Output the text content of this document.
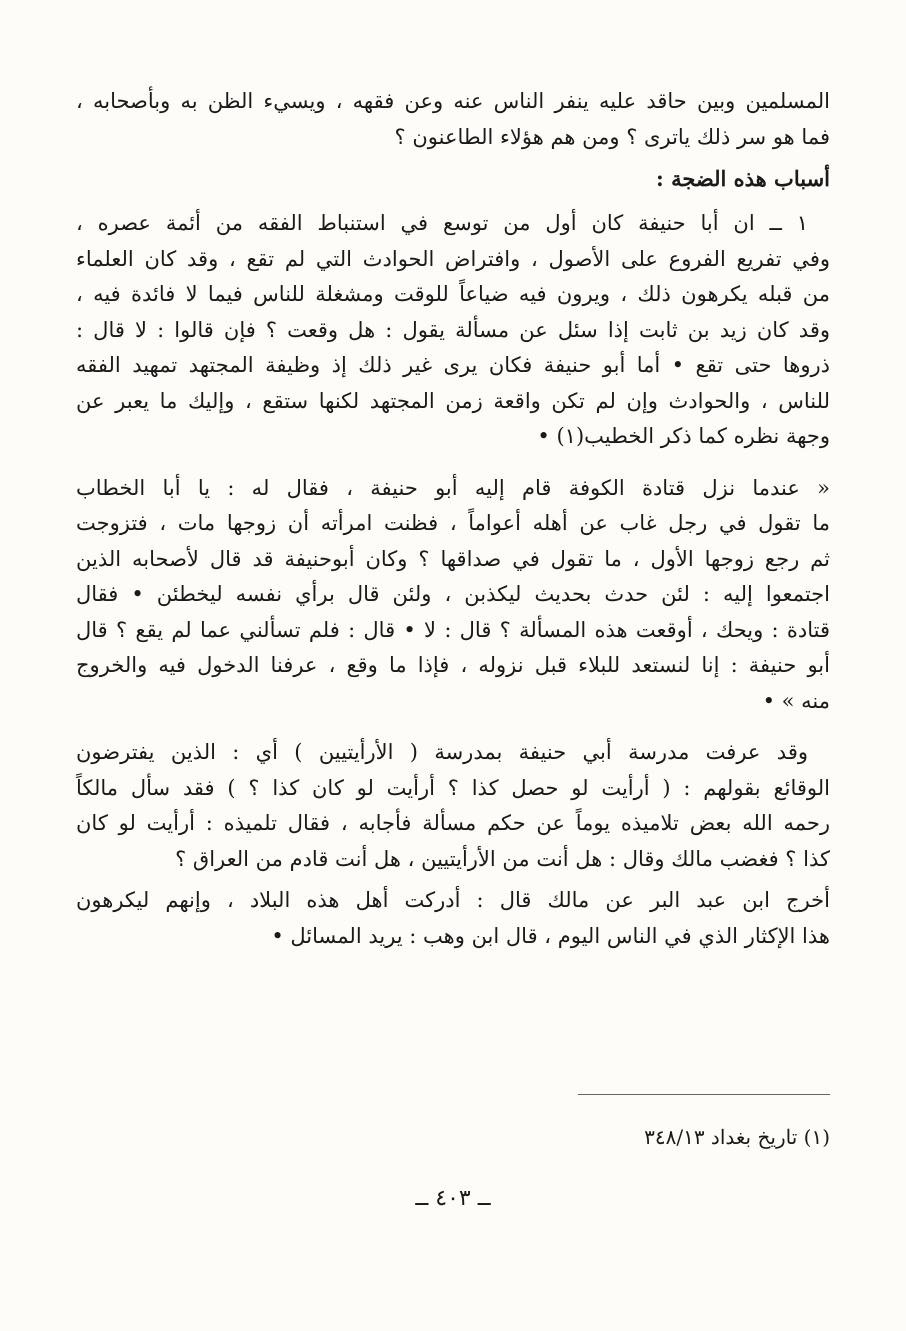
المسلمين وبين حاقد عليه ينفر الناس عنه وعن فقهه ، ويسيء الظن به وبأصحابه ،
فما هو سر ذلك ياترى ؟ ومن هم هؤلاء الطاعنون ؟

أسباب هذه الضجة :

١ ــ ان أبا حنيفة كان أول من توسع في استنباط الفقه من أئمة عصره ،
وفي تفريع الفروع على الأصول ، وافتراض الحوادث التي لم تقع ، وقد كان العلماء
من قبله يكرهون ذلك ، ويرون فيه ضياعاً للوقت ومشغلة للناس فيما لا فائدة فيه ،
وقد كان زيد بن ثابت إذا سئل عن مسألة يقول : هل وقعت ؟ فإن قالوا : لا قال :
ذروها حتى تقع • أما أبو حنيفة فكان يرى غير ذلك إذ وظيفة المجتهد تمهيد الفقه
للناس ، والحوادث وإن لم تكن واقعة زمن المجتهد لكنها ستقع ، وإليك ما يعبر عن
وجهة نظره كما ذكر الخطيب(١) •

« عندما نزل قتادة الكوفة قام إليه أبو حنيفة ، فقال له : يا أبا الخطاب
ما تقول في رجل غاب عن أهله أعواماً ، فظنت امرأته أن زوجها مات ، فتزوجت
ثم رجع زوجها الأول ، ما تقول في صداقها ؟ وكان أبوحنيفة قد قال لأصحابه الذين
اجتمعوا إليه : لئن حدث بحديث ليكذبن ، ولئن قال برأي نفسه ليخطئن • فقال
قتادة : ويحك ، أوقعت هذه المسألة ؟ قال : لا • قال : فلم تسألني عما لم يقع ؟ قال
أبو حنيفة : إنا لنستعد للبلاء قبل نزوله ، فإذا ما وقع ، عرفنا الدخول فيه والخروج
منه » •

وقد عرفت مدرسة أبي حنيفة بمدرسة ( الأرأيتيين ) أي : الذين يفترضون
الوقائع بقولهم : ( أرأيت لو حصل كذا ؟ أرأيت لو كان كذا ؟ ) فقد سأل مالكاً
رحمه الله بعض تلاميذه يوماً عن حكم مسألة فأجابه ، فقال تلميذه : أرأيت لو كان
كذا ؟ فغضب مالك وقال : هل أنت من الأرأيتيين ، هل أنت قادم من العراق ؟

أخرج ابن عبد البر عن مالك قال : أدركت أهل هذه البلاد ، وإنهم ليكرهون
هذا الإكثار الذي في الناس اليوم ، قال ابن وهب : يريد المسائل •

(١) تاريخ بغداد ٣٤٨/١٣
ــ ٤٠٣ ــ
